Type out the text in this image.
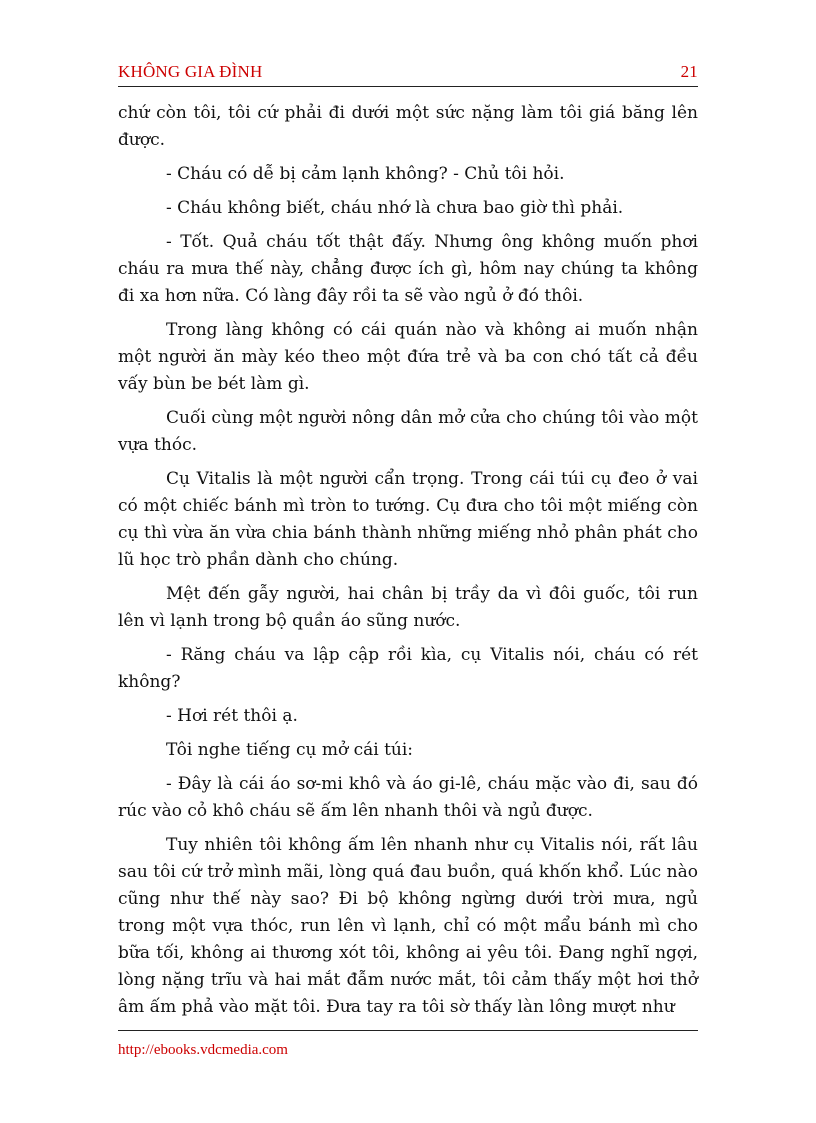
KHÔNG GIA ĐÌNH	21

chứ còn tôi, tôi cứ phải đi dưới một sức nặng làm tôi giá băng lên được.

- Cháu có dễ bị cảm lạnh không? - Chủ tôi hỏi.

- Cháu không biết, cháu nhớ là chưa bao giờ thì phải.

- Tốt. Quả cháu tốt thật đấy. Nhưng ông không muốn phơi cháu ra mưa thế này, chẳng được ích gì, hôm nay chúng ta không đi xa hơn nữa. Có làng đây rồi ta sẽ vào ngủ ở đó thôi.

Trong làng không có cái quán nào và không ai muốn nhận một người ăn mày kéo theo một đứa trẻ và ba con chó tất cả đều vấy bùn be bét làm gì.

Cuối cùng một người nông dân mở cửa cho chúng tôi vào một vựa thóc.

Cụ Vitalis là một người cẩn trọng. Trong cái túi cụ đeo ở vai có một chiếc bánh mì tròn to tướng. Cụ đưa cho tôi một miếng còn cụ thì vừa ăn vừa chia bánh thành những miếng nhỏ phân phát cho lũ học trò phần dành cho chúng.

Mệt đến gẫy người, hai chân bị trầy da vì đôi guốc, tôi run lên vì lạnh trong bộ quần áo sũng nước.

- Răng cháu va lập cập rồi kìa, cụ Vitalis nói, cháu có rét không?

- Hơi rét thôi ạ.

Tôi nghe tiếng cụ mở cái túi:

- Đây là cái áo sơ-mi khô và áo gi-lê, cháu mặc vào đi, sau đó rúc vào cỏ khô cháu sẽ ấm lên nhanh thôi và ngủ được.

Tuy nhiên tôi không ấm lên nhanh như cụ Vitalis nói, rất lâu sau tôi cứ trở mình mãi, lòng quá đau buồn, quá khốn khổ. Lúc nào cũng như thế này sao? Đi bộ không ngừng dưới trời mưa, ngủ trong một vựa thóc, run lên vì lạnh, chỉ có một mẩu bánh mì cho bữa tối, không ai thương xót tôi, không ai yêu tôi. Đang nghĩ ngợi, lòng nặng trĩu và hai mắt đẫm nước mắt, tôi cảm thấy một hơi thở âm ấm phả vào mặt tôi. Đưa tay ra tôi sờ thấy làn lông mượt như

http://ebooks.vdcmedia.com
